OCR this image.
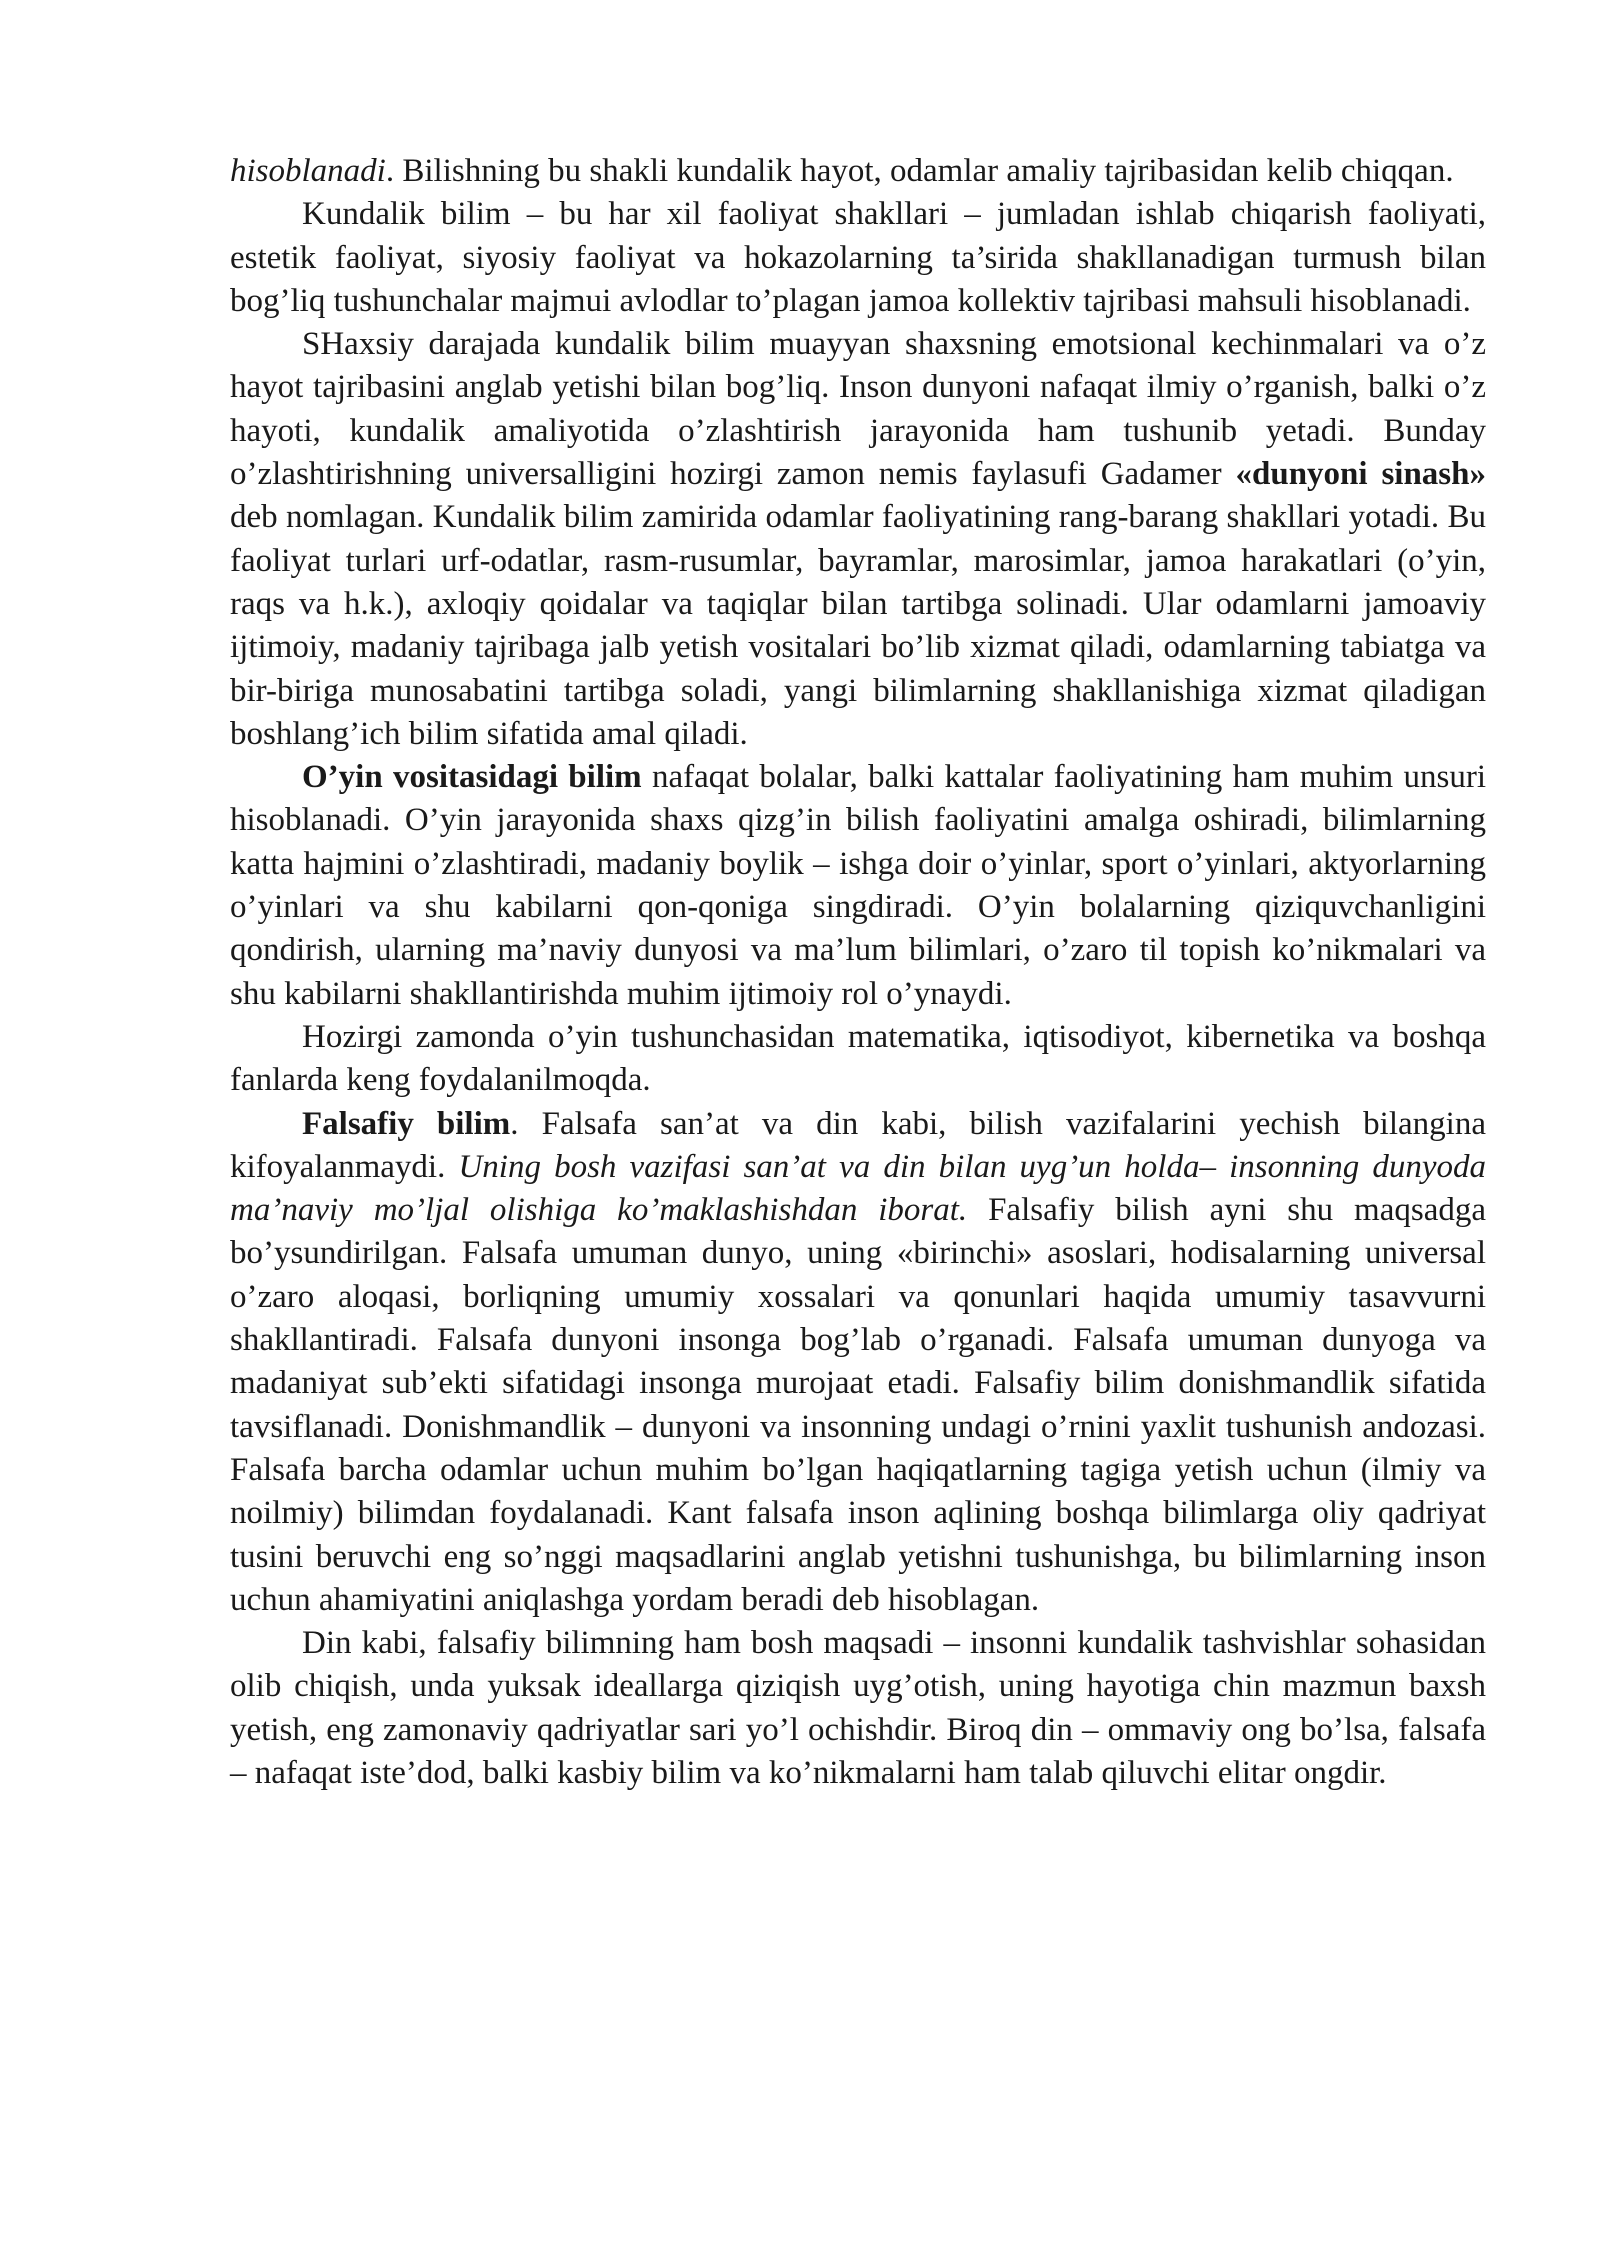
hisoblanadi. Bilishning bu shakli kundalik hayot, odamlar amaliy tajribasidan kelib chiqqan.

Kundalik bilim – bu har xil faoliyat shakllari – jumladan ishlab chiqarish faoliyati, estetik faoliyat, siyosiy faoliyat va hokazolarning ta’sirida shakllanadigan turmush bilan bog’liq tushunchalar majmui avlodlar to’plagan jamoa kollektiv tajribasi mahsuli hisoblanadi.

SHaxsiy darajada kundalik bilim muayyan shaxsning emotsional kechinmalari va o’z hayot tajribasini anglab yetishi bilan bog’liq. Inson dunyoni nafaqat ilmiy o’rganish, balki o’z hayoti, kundalik amaliyotida o’zlashtirish jarayonida ham tushunib yetadi. Bunday o’zlashtirishning universalligini hozirgi zamon nemis faylasufi Gadamer «dunyoni sinash» deb nomlagan. Kundalik bilim zamirida odamlar faoliyatining rang-barang shakllari yotadi. Bu faoliyat turlari urf-odatlar, rasm-rusumlar, bayramlar, marosimlar, jamoa harakatlari (o’yin, raqs va h.k.), axloqiy qoidalar va taqiqlar bilan tartibga solinadi. Ular odamlarni jamoaviy ijtimoiy, madaniy tajribaga jalb yetish vositalari bo’lib xizmat qiladi, odamlarning tabiatga va bir-biriga munosabatini tartibga soladi, yangi bilimlarning shakllanishiga xizmat qiladigan boshlang’ich bilim sifatida amal qiladi.

O’yin vositasidagi bilim nafaqat bolalar, balki kattalar faoliyatining ham muhim unsuri hisoblanadi. O’yin jarayonida shaxs qizg’in bilish faoliyatini amalga oshiradi, bilimlarning katta hajmini o’zlashtiradi, madaniy boylik – ishga doir o’yinlar, sport o’yinlari, aktyorlarning o’yinlari va shu kabilarni qon-qoniga singdiradi. O’yin bolalarning qiziquvchanligini qondirish, ularning ma’naviy dunyosi va ma’lum bilimlari, o’zaro til topish ko’nikmalari va shu kabilarni shakllantirishda muhim ijtimoiy rol o’ynaydi.

Hozirgi zamonda o’yin tushunchasidan matematika, iqtisodiyot, kibernetika va boshqa fanlarda keng foydalanilmoqda.

Falsafiy bilim. Falsafa san’at va din kabi, bilish vazifalarini yechish bilangina kifoyalanmaydi. Uning bosh vazifasi san’at va din bilan uyg’un holda– insonning dunyoda ma’naviy mo’ljal olishiga ko’maklashishdan iborat. Falsafiy bilish ayni shu maqsadga bo’ysundirilgan. Falsafa umuman dunyo, uning «birinchi» asoslari, hodisalarning universal o’zaro aloqasi, borliqning umumiy xossalari va qonunlari haqida umumiy tasavvurni shakllantiradi. Falsafa dunyoni insonga bog’lab o’rganadi. Falsafa umuman dunyoga va madaniyat sub’ekti sifatidagi insonga murojaat etadi. Falsafiy bilim donishmandlik sifatida tavsiflanadi. Donishmandlik – dunyoni va insonning undagi o’rnini yaxlit tushunish andozasi. Falsafa barcha odamlar uchun muhim bo’lgan haqiqatlarning tagiga yetish uchun (ilmiy va noilmiy) bilimdan foydalanadi. Kant falsafa inson aqlining boshqa bilimlarga oliy qadriyat tusini beruvchi eng so’nggi maqsadlarini anglab yetishni tushunishga, bu bilimlarning inson uchun ahamiyatini aniqlashga yordam beradi deb hisoblagan.

Din kabi, falsafiy bilimning ham bosh maqsadi – insonni kundalik tashvishlar sohasidan olib chiqish, unda yuksak ideallarga qiziqish uyg’otish, uning hayotiga chin mazmun baxsh yetish, eng zamonaviy qadriyatlar sari yo’l ochishdir. Biroq din – ommaviy ong bo’lsa, falsafa – nafaqat iste’dod, balki kasbiy bilim va ko’nikmalarni ham talab qiluvchi elitar ongdir.
